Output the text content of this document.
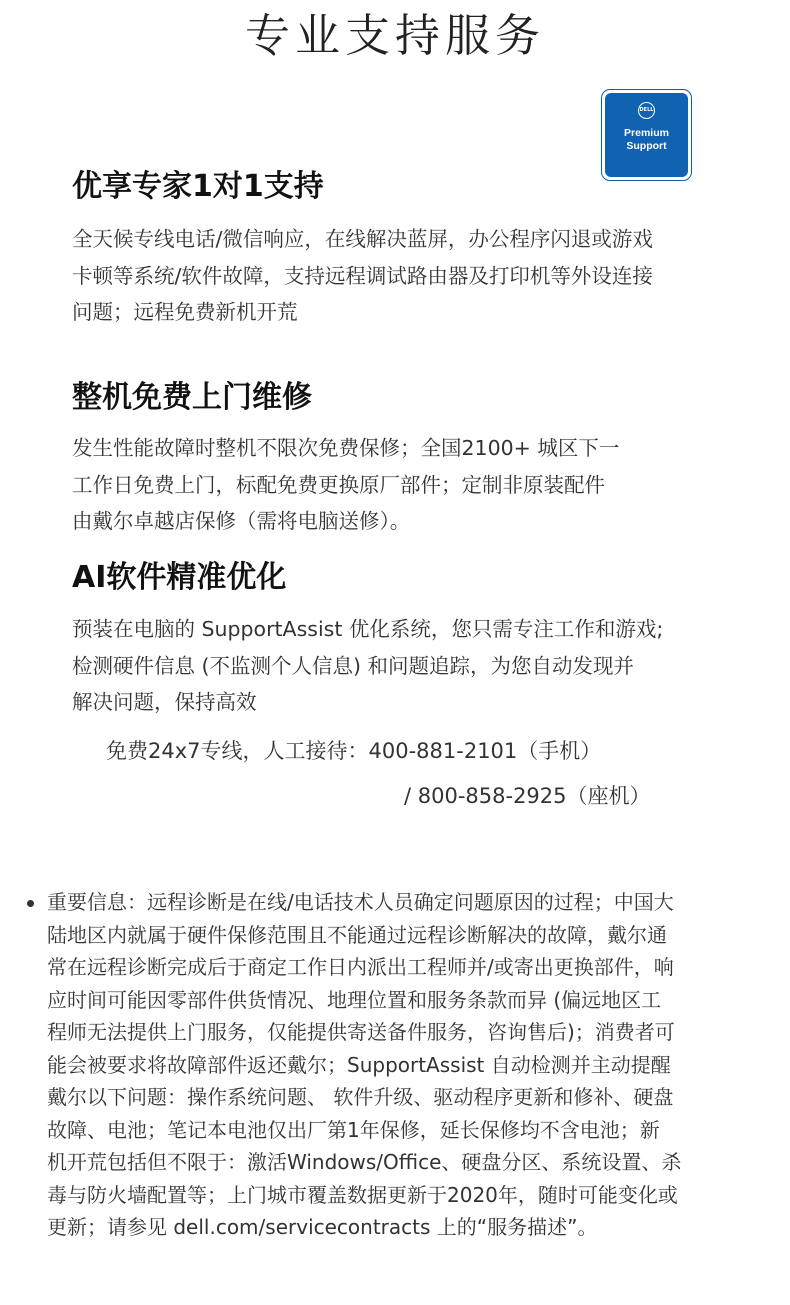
专业支持服务
DELL
Premium
Support
优享专家1对1支持
全天候专线电话/微信响应，在线解决蓝屏，办公程序闪退或游戏
卡顿等系统/软件故障，支持远程调试路由器及打印机等外设连接
问题；远程免费新机开荒
整机免费上门维修
发生性能故障时整机不限次免费保修；全国2100+ 城区下一
工作日免费上门，标配免费更换原厂部件；定制非原装配件
由戴尔卓越店保修（需将电脑送修）。
AI软件精准优化
预装在电脑的 SupportAssist 优化系统，您只需专注工作和游戏;
检测硬件信息 (不监测个人信息) 和问题追踪，为您自动发现并
解决问题，保持高效
免费24x7专线，人工接待：400-881-2101（手机）
/ 800-858-2925（座机）
重要信息：远程诊断是在线/电话技术人员确定问题原因的过程；中国大
陆地区内就属于硬件保修范围且不能通过远程诊断解决的故障，戴尔通
常在远程诊断完成后于商定工作日内派出工程师并/或寄出更换部件，响
应时间可能因零部件供货情况、地理位置和服务条款而异 (偏远地区工
程师无法提供上门服务，仅能提供寄送备件服务，咨询售后)；消费者可
能会被要求将故障部件返还戴尔；SupportAssist 自动检测并主动提醒
戴尔以下问题：操作系统问题、 软件升级、驱动程序更新和修补、硬盘
故障、电池；笔记本电池仅出厂第1年保修，延长保修均不含电池；新
机开荒包括但不限于：激活Windows/Office、硬盘分区、系统设置、杀
毒与防火墙配置等；上门城市覆盖数据更新于2020年，随时可能变化或
更新；请参见 dell.com/servicecontracts 上的“服务描述”。
